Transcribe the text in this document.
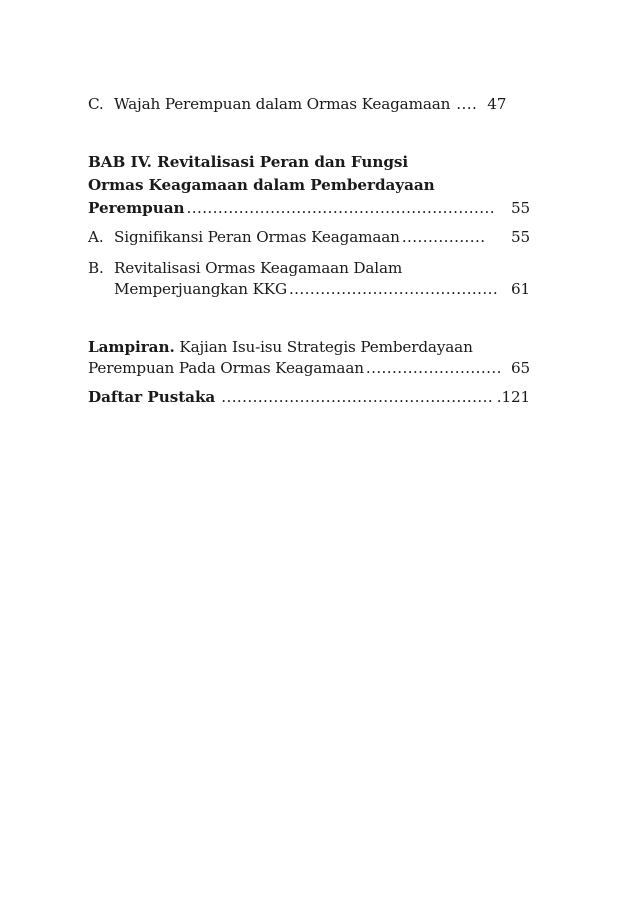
C. Wajah Perempuan dalam Ormas Keagamaan .... 47
BAB IV. Revitalisasi Peran dan Fungsi
Ormas Keagamaan dalam Pemberdayaan
Perempuan ...........................................................	55
A. Signifikansi Peran Ormas Keagamaan ................	55
B. Revitalisasi Ormas Keagamaan Dalam
Memperjuangkan KKG ........................................ 61
Lampiran. Kajian Isu-isu Strategis Pemberdayaan
Perempuan Pada Ormas Keagamaan .......................... 65
Daftar Pustaka .................................................... .121
